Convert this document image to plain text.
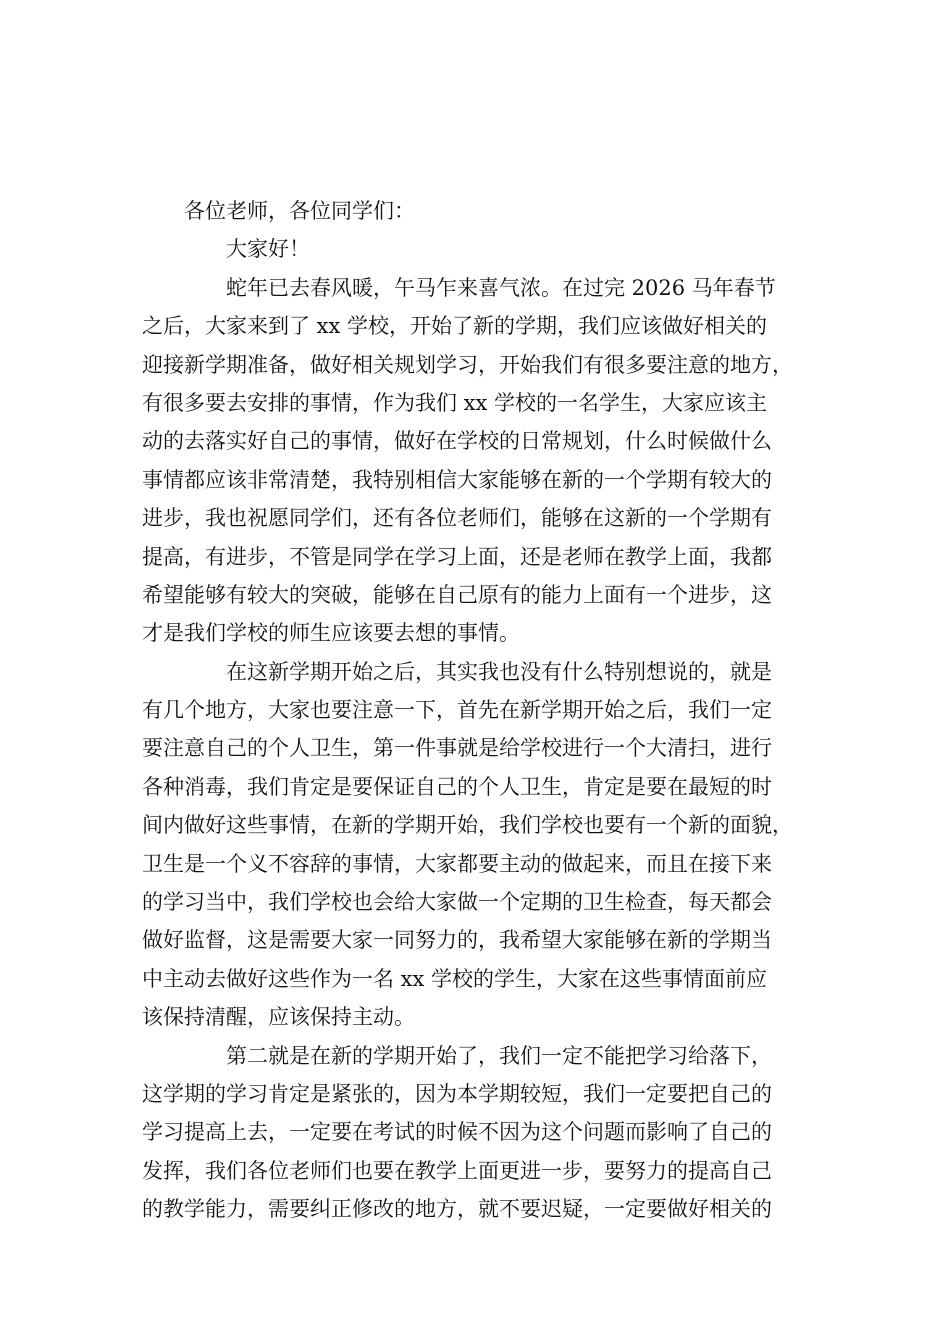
各位老师，各位同学们：
大家好！
蛇年已去春风暖，午马乍来喜气浓。在过完 2026 马年春节
之后，大家来到了 xx 学校，开始了新的学期，我们应该做好相关的
迎接新学期准备，做好相关规划学习，开始我们有很多要注意的地方，
有很多要去安排的事情，作为我们 xx 学校的一名学生，大家应该主
动的去落实好自己的事情，做好在学校的日常规划，什么时候做什么
事情都应该非常清楚，我特别相信大家能够在新的一个学期有较大的
进步，我也祝愿同学们，还有各位老师们，能够在这新的一个学期有
提高，有进步，不管是同学在学习上面，还是老师在教学上面，我都
希望能够有较大的突破，能够在自己原有的能力上面有一个进步，这
才是我们学校的师生应该要去想的事情。
在这新学期开始之后，其实我也没有什么特别想说的，就是
有几个地方，大家也要注意一下，首先在新学期开始之后，我们一定
要注意自己的个人卫生，第一件事就是给学校进行一个大清扫，进行
各种消毒，我们肯定是要保证自己的个人卫生，肯定是要在最短的时
间内做好这些事情，在新的学期开始，我们学校也要有一个新的面貌，
卫生是一个义不容辞的事情，大家都要主动的做起来，而且在接下来
的学习当中，我们学校也会给大家做一个定期的卫生检查，每天都会
做好监督，这是需要大家一同努力的，我希望大家能够在新的学期当
中主动去做好这些作为一名 xx 学校的学生，大家在这些事情面前应
该保持清醒，应该保持主动。
第二就是在新的学期开始了，我们一定不能把学习给落下，
这学期的学习肯定是紧张的，因为本学期较短，我们一定要把自己的
学习提高上去，一定要在考试的时候不因为这个问题而影响了自己的
发挥，我们各位老师们也要在教学上面更进一步，要努力的提高自己
的教学能力，需要纠正修改的地方，就不要迟疑，一定要做好相关的
